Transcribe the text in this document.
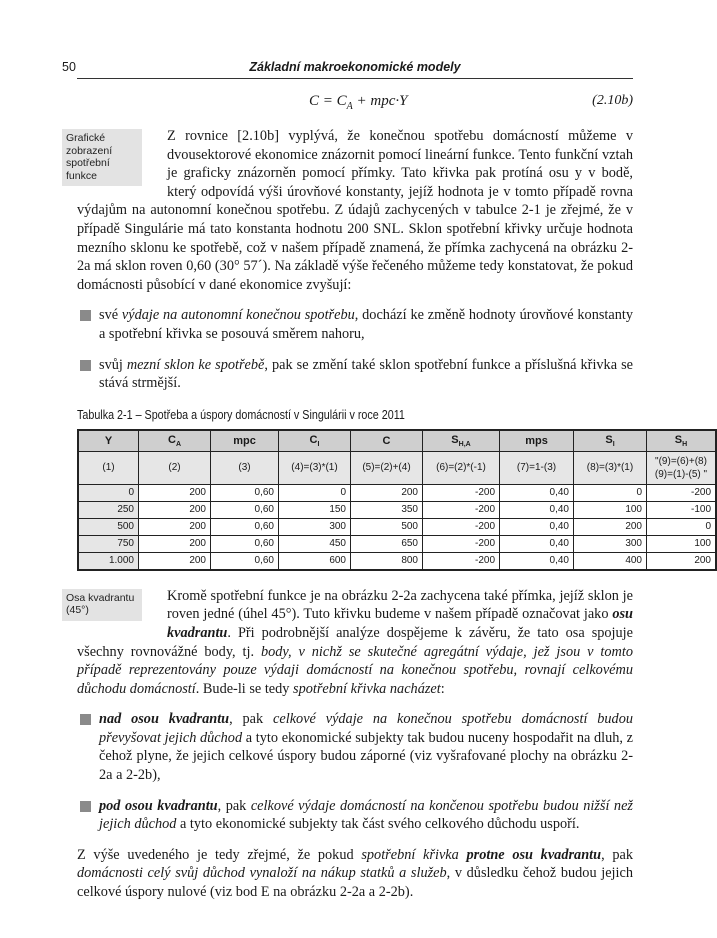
50	Základní makroekonomické modely
$C = C_A + mpc\cdot Y$	(2.10b)
Grafické
zobrazení
spotřební
funkce
Z rovnice [2.10b] vyplývá, že konečnou spotřebu domácností můžeme v dvousektorové ekonomice znázornit pomocí lineární funkce. Tento funkční vztah je graficky znázorněn pomocí přímky. Tato křivka pak protíná osu y v bodě, který odpovídá výši úrovňové konstanty, jejíž hodnota je v tomto případě rovna výdajům na autonomní konečnou spotřebu. Z údajů zachycených v tabulce 2-1 je zřejmé, že v případě Singulárie má tato konstanta hodnotu 200 SNL. Sklon spotřební křivky určuje hodnota mezního sklonu ke spotřebě, což v našem případě znamená, že přímka zachycená na obrázku 2-2a má sklon roven 0,60 (30° 57´). Na základě výše řečeného můžeme tedy konstatovat, že pokud domácnosti působící v dané ekonomice zvyšují:
své výdaje na autonomní konečnou spotřebu, dochází ke změně hodnoty úrovňové konstanty a spotřební křivka se posouvá směrem nahoru,
svůj mezní sklon ke spotřebě, pak se změní také sklon spotřební funkce a příslušná křivka se stává strmější.
Tabulka 2-1 – Spotřeba a úspory domácností v Singulárii v roce 2011
Y	$C_A$	mpc	$C_I$	C	$S_{H,A}$	mps	$S_I$	$S_H$
(1)	(2)	(3)	(4)=(3)*(1)	(5)=(2)+(4)	(6)=(2)*(-1)	(7)=1-(3)	(8)=(3)*(1)	"(9)=(6)+(8) (9)=(1)-(5) "
0	200	0,60	0	200	-200	0,40	0	-200
250	200	0,60	150	350	-200	0,40	100	-100
500	200	0,60	300	500	-200	0,40	200	0
750	200	0,60	450	650	-200	0,40	300	100
1.000	200	0,60	600	800	-200	0,40	400	200
Osa kvadrantu
(45°)
Kromě spotřební funkce je na obrázku 2-2a zachycena také přímka, jejíž sklon je roven jedné (úhel 45°). Tuto křivku budeme v našem případě označovat jako osu kvadrantu. Při podrobnější analýze dospějeme k závěru, že tato osa spojuje všechny rovnovážné body, tj. body, v nichž se skutečné agregátní výdaje, jež jsou v tomto případě reprezentovány pouze výdaji domácností na konečnou spotřebu, rovnají celkovému důchodu domácností. Bude-li se tedy spotřební křivka nacházet:
nad osou kvadrantu, pak celkové výdaje na konečnou spotřebu domácností budou převyšovat jejich důchod a tyto ekonomické subjekty tak budou nuceny hospodařit na dluh, z čehož plyne, že jejich celkové úspory budou záporné (viz vyšrafované plochy na obrázku 2-2a a 2-2b),
pod osou kvadrantu, pak celkové výdaje domácností na končenou spotřebu budou nižší než jejich důchod a tyto ekonomické subjekty tak část svého celkového důchodu uspoří.
Z výše uvedeného je tedy zřejmé, že pokud spotřební křivka protne osu kvadrantu, pak domácnosti celý svůj důchod vynaloží na nákup statků a služeb, v důsledku čehož budou jejich celkové úspory nulové (viz bod E na obrázku 2-2a a 2-2b).
